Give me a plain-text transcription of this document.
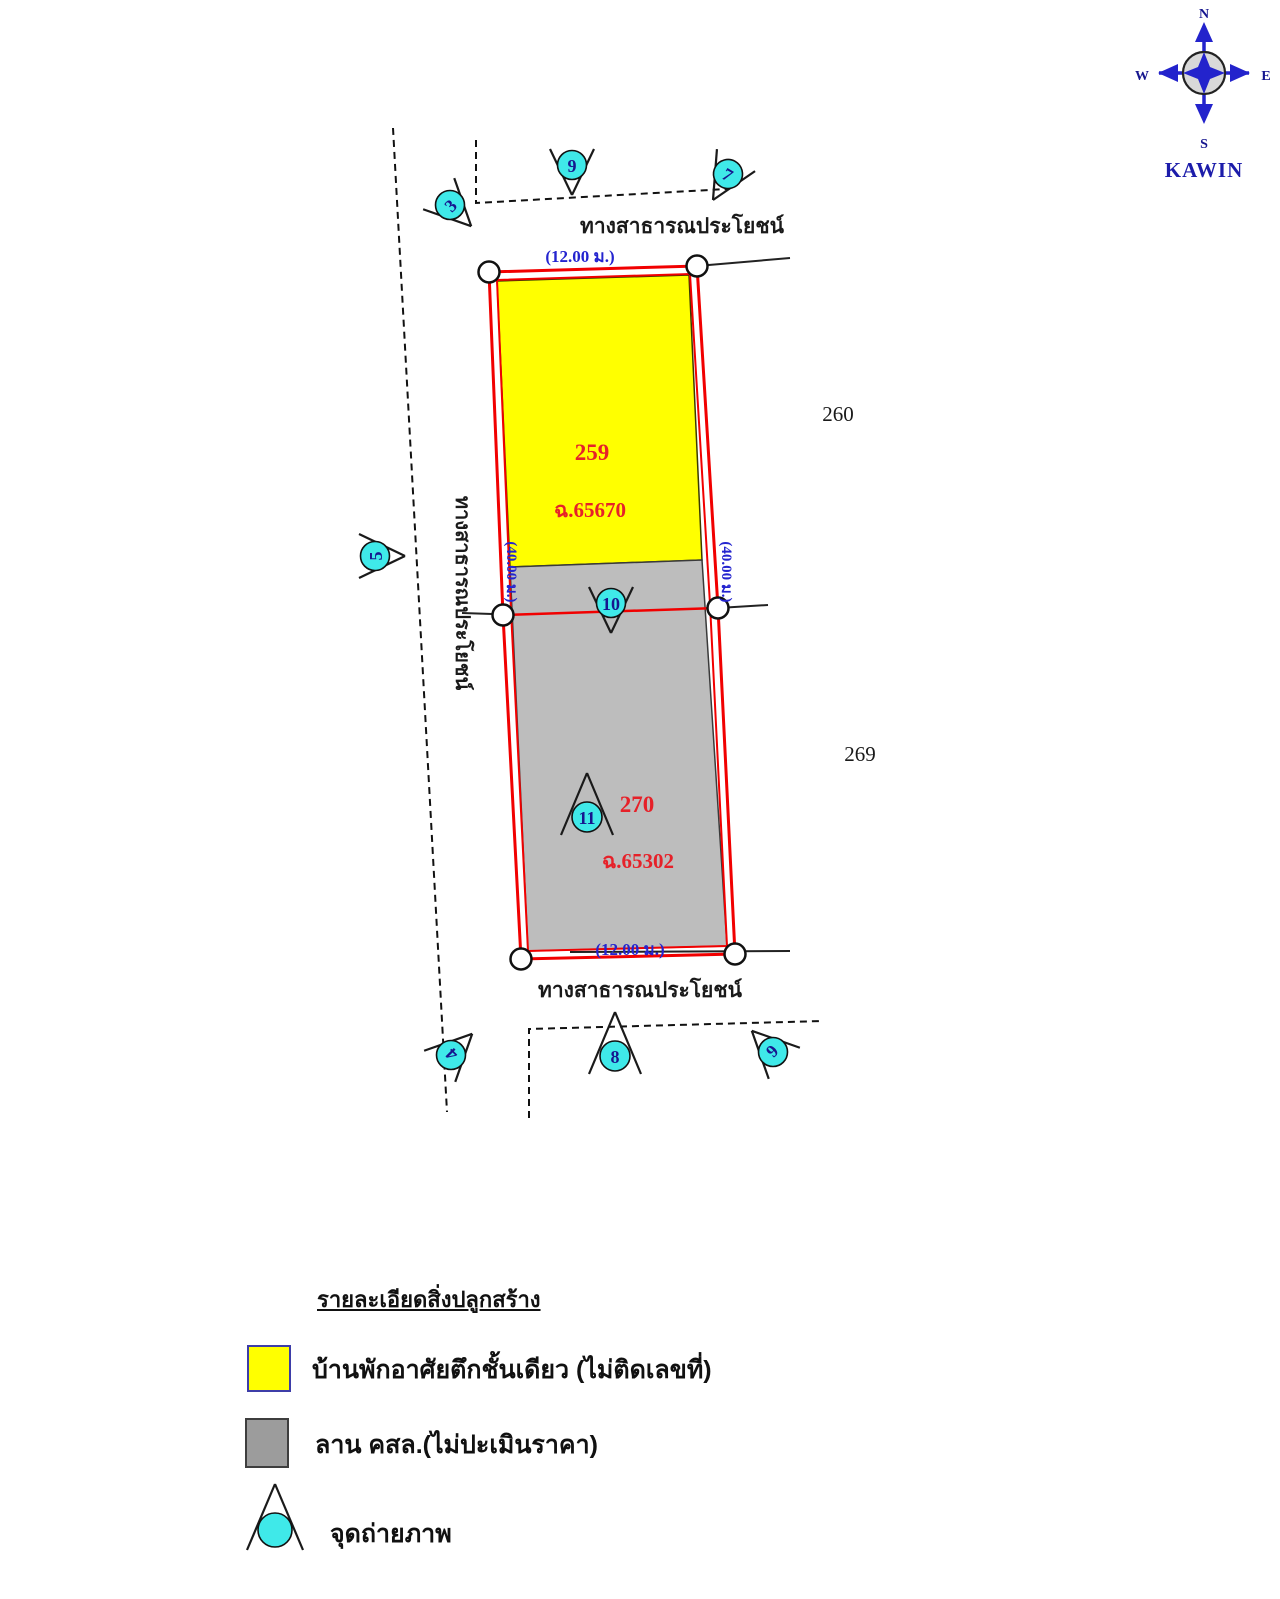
N
S
W	E
KAWIN
3
9	7
5
10
4	6
11
8
ทางสาธารณประโยชน์
(12.00 ม.)
259
ฉ.65670
270
ฉ.65302
260
269
(40.00 ม.)	(40.00 ม.)
ทางสาธารณประโยชน์
(12.00 ม.)
ทางสาธารณประโยชน์
รายละเอียดสิ่งปลูกสร้าง
บ้านพักอาศัยตึกชั้นเดียว (ไม่ติดเลขที่)
ลาน คสล.(ไม่ปะเมินราคา)
จุดถ่ายภาพ
